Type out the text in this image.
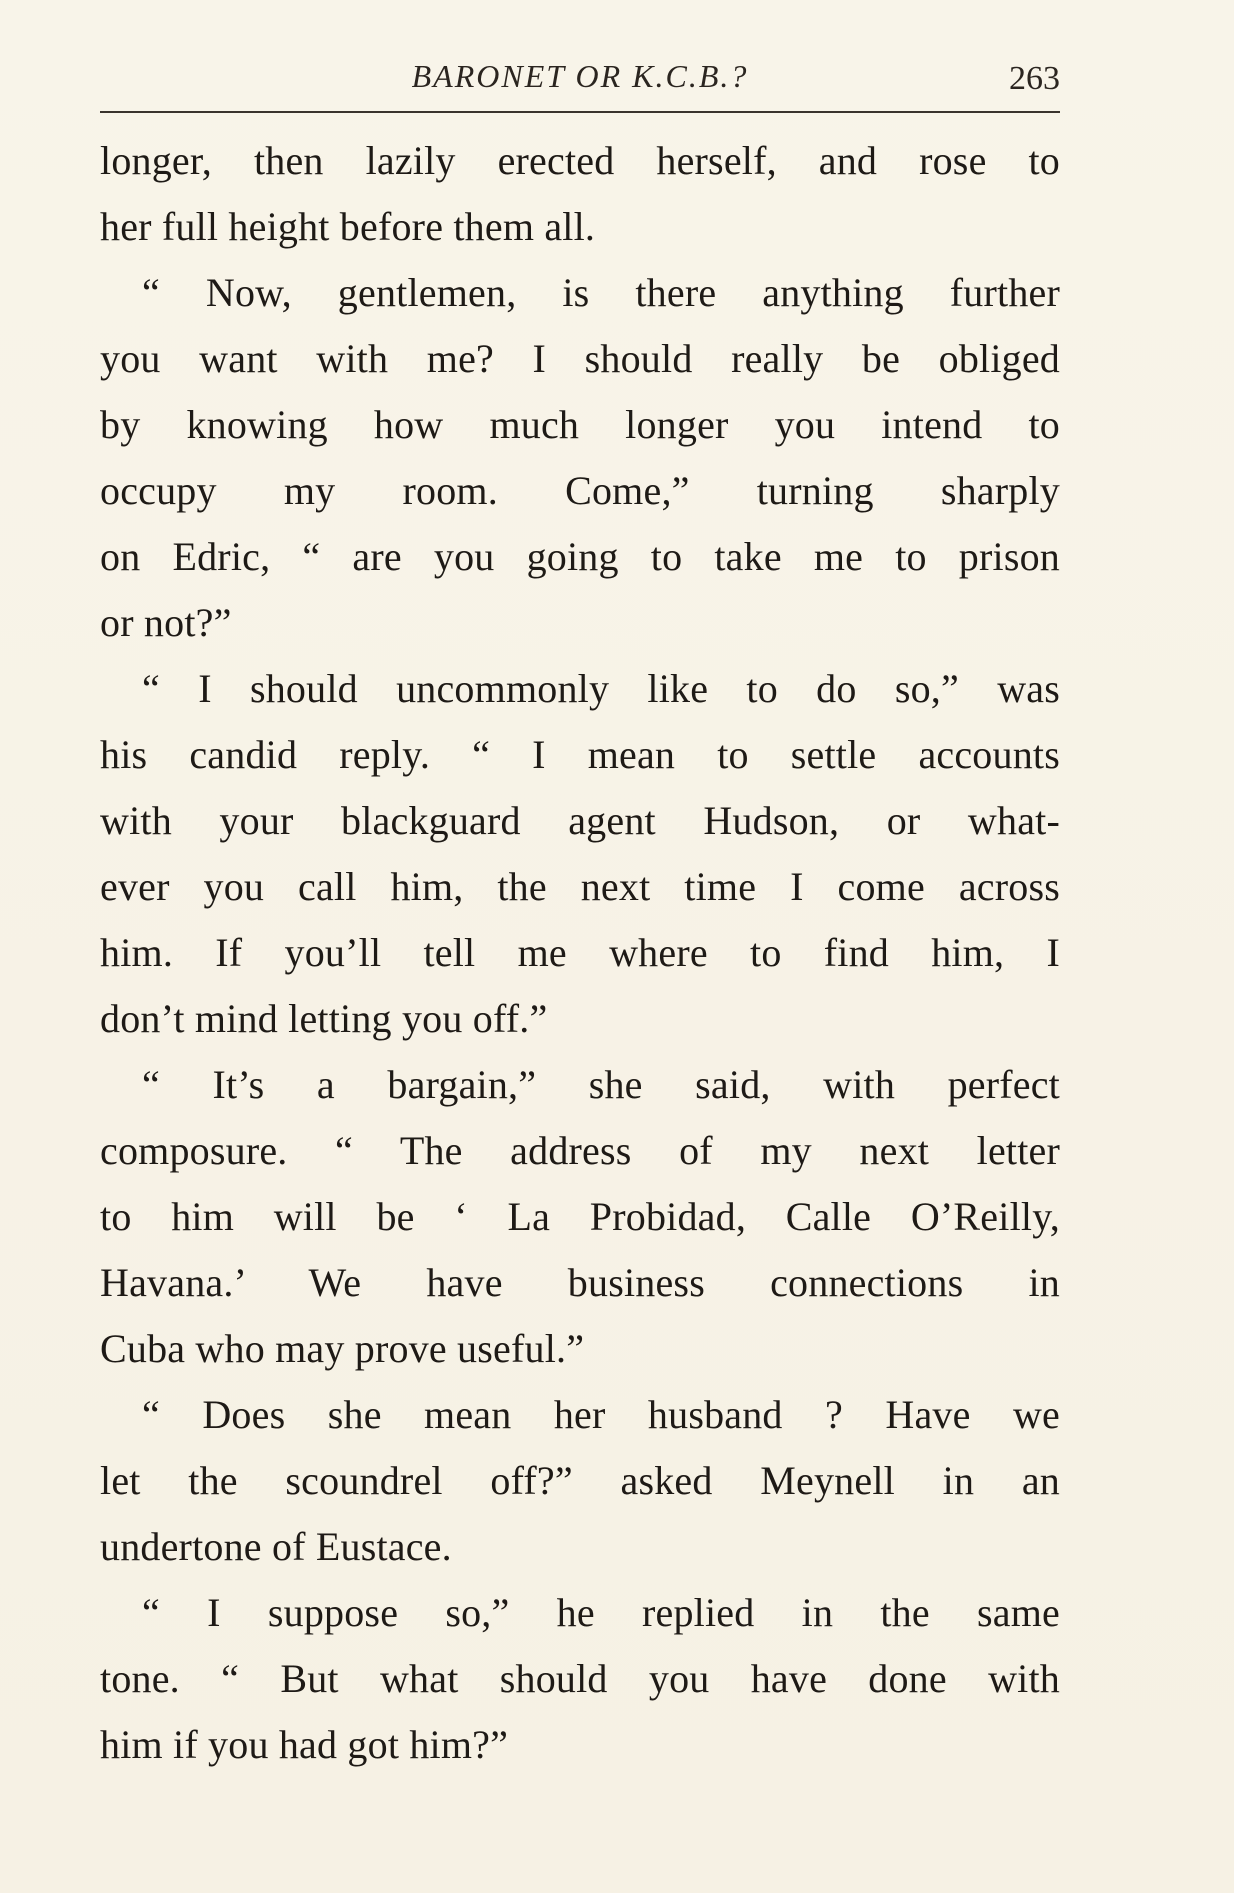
BARONET OR K.C.B.?	263
longer, then lazily erected herself, and rose to
her full height before them all.
“ Now, gentlemen, is there anything further
you want with me? I should really be obliged
by knowing how much longer you intend to
occupy my room. Come,” turning sharply
on Edric, “ are you going to take me to prison
or not?”
“ I should uncommonly like to do so,” was
his candid reply. “ I mean to settle accounts
with your blackguard agent Hudson, or what-
ever you call him, the next time I come across
him. If you’ll tell me where to find him, I
don’t mind letting you off.”
“ It’s a bargain,” she said, with perfect
composure. “ The address of my next letter
to him will be ‘ La Probidad, Calle O’Reilly,
Havana.’ We have business connections in
Cuba who may prove useful.”
“ Does she mean her husband ? Have we
let the scoundrel off?” asked Meynell in an
undertone of Eustace.
“ I suppose so,” he replied in the same
tone. “ But what should you have done with
him if you had got him?”
